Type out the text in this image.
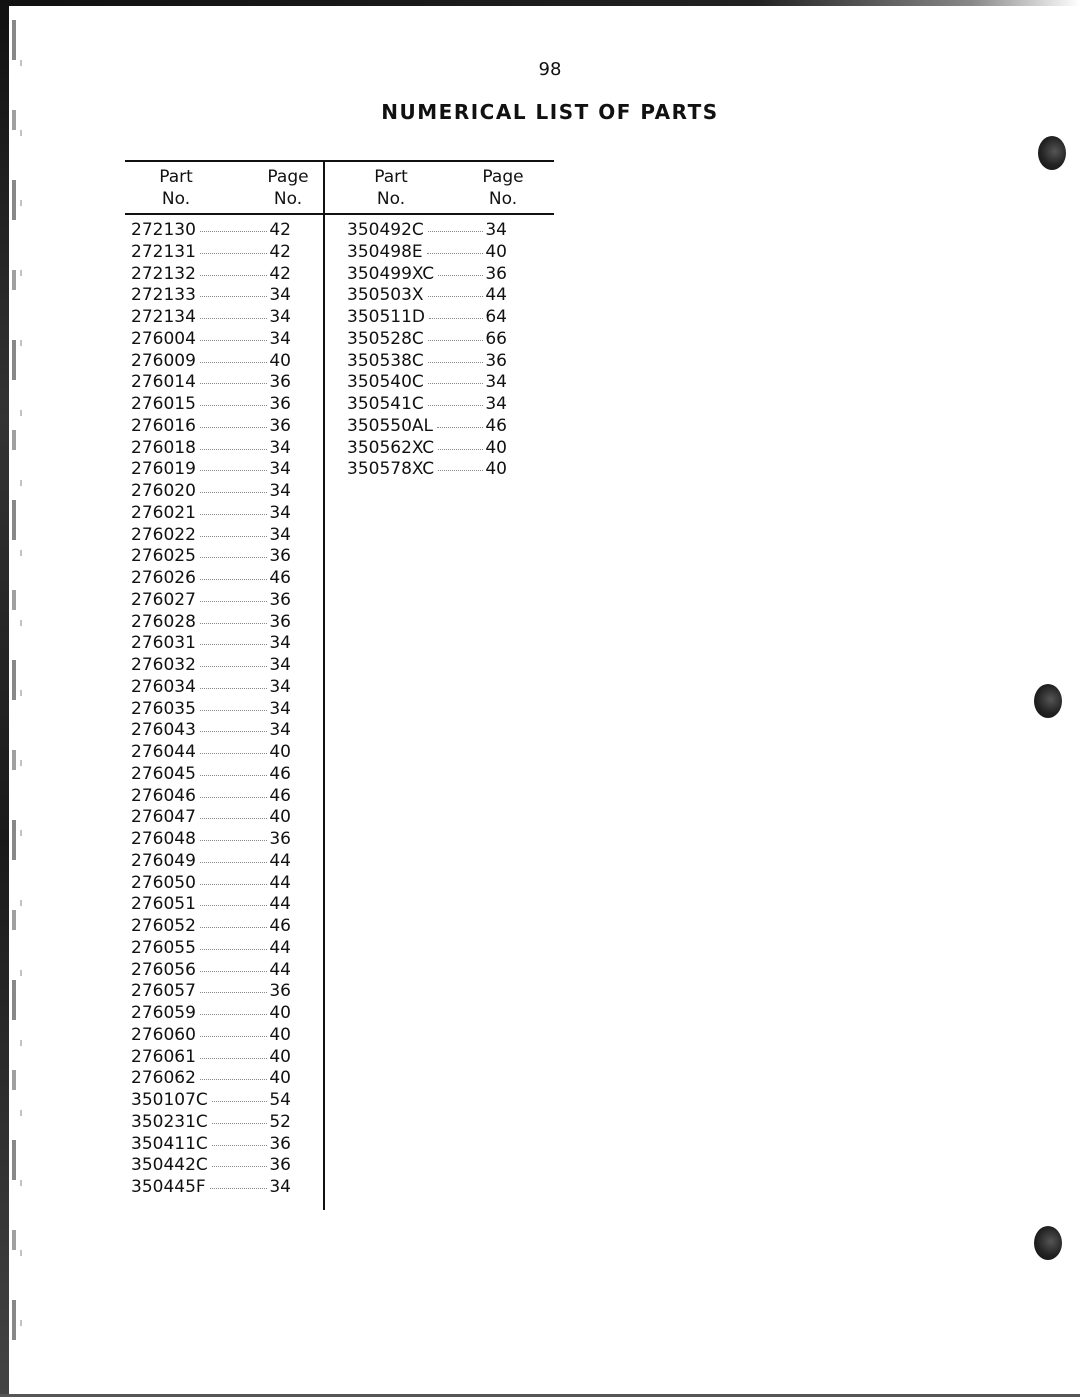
98
NUMERICAL LIST OF PARTS
Part
No.
Page
No.
Part
No.
Page
No.
272130	42
272131	42
272132	42
272133	34
272134	34
276004	34
276009	40
276014	36
276015	36
276016	36
276018	34
276019	34
276020	34
276021	34
276022	34
276025	36
276026	46
276027	36
276028	36
276031	34
276032	34
276034	34
276035	34
276043	34
276044	40
276045	46
276046	46
276047	40
276048	36
276049	44
276050	44
276051	44
276052	46
276055	44
276056	44
276057	36
276059	40
276060	40
276061	40
276062	40
350107C	54
350231C	52
350411C	36
350442C	36
350445F	34
350492C	34
350498E	40
350499XC	36
350503X	44
350511D	64
350528C	66
350538C	36
350540C	34
350541C	34
350550AL	46
350562XC	40
350578XC	40
